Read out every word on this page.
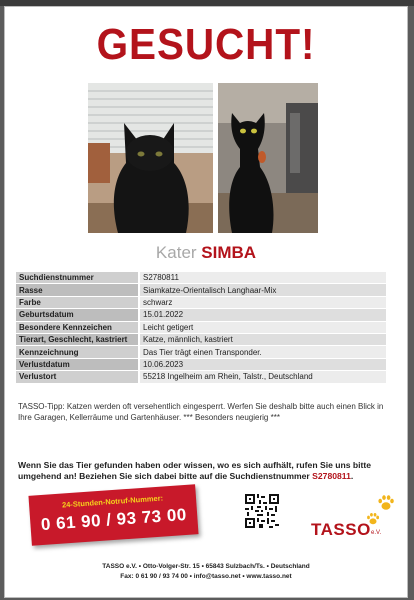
GESUCHT!
Kater SIMBA
Suchdienstnummer	S2780811
Rasse	Siamkatze-Orientalisch Langhaar-Mix
Farbe	schwarz
Geburtsdatum	15.01.2022
Besondere Kennzeichen	Leicht getigert
Tierart, Geschlecht, kastriert	Katze, männlich, kastriert
Kennzeichnung	Das Tier trägt einen Transponder.
Verlustdatum	10.06.2023
Verlustort	55218 Ingelheim am Rhein, Talstr., Deutschland
TASSO-Tipp: Katzen werden oft versehentlich eingesperrt. Werfen Sie deshalb bitte auch einen Blick in
Ihre Garagen, Kellerräume und Gartenhäuser. *** Besonders neugierig ***
Wenn Sie das Tier gefunden haben oder wissen, wo es sich aufhält, rufen Sie uns bitte
umgehend an! Beziehen Sie sich dabei bitte auf die Suchdienstnummer S2780811.
24-Stunden-Notruf-Nummer:
0 61 90 / 93 73 00	TASSO e.V.
TASSO e.V. • Otto-Volger-Str. 15 • 65843 Sulzbach/Ts. • Deutschland
Fax: 0 61 90 / 93 74 00 • info@tasso.net • www.tasso.net
